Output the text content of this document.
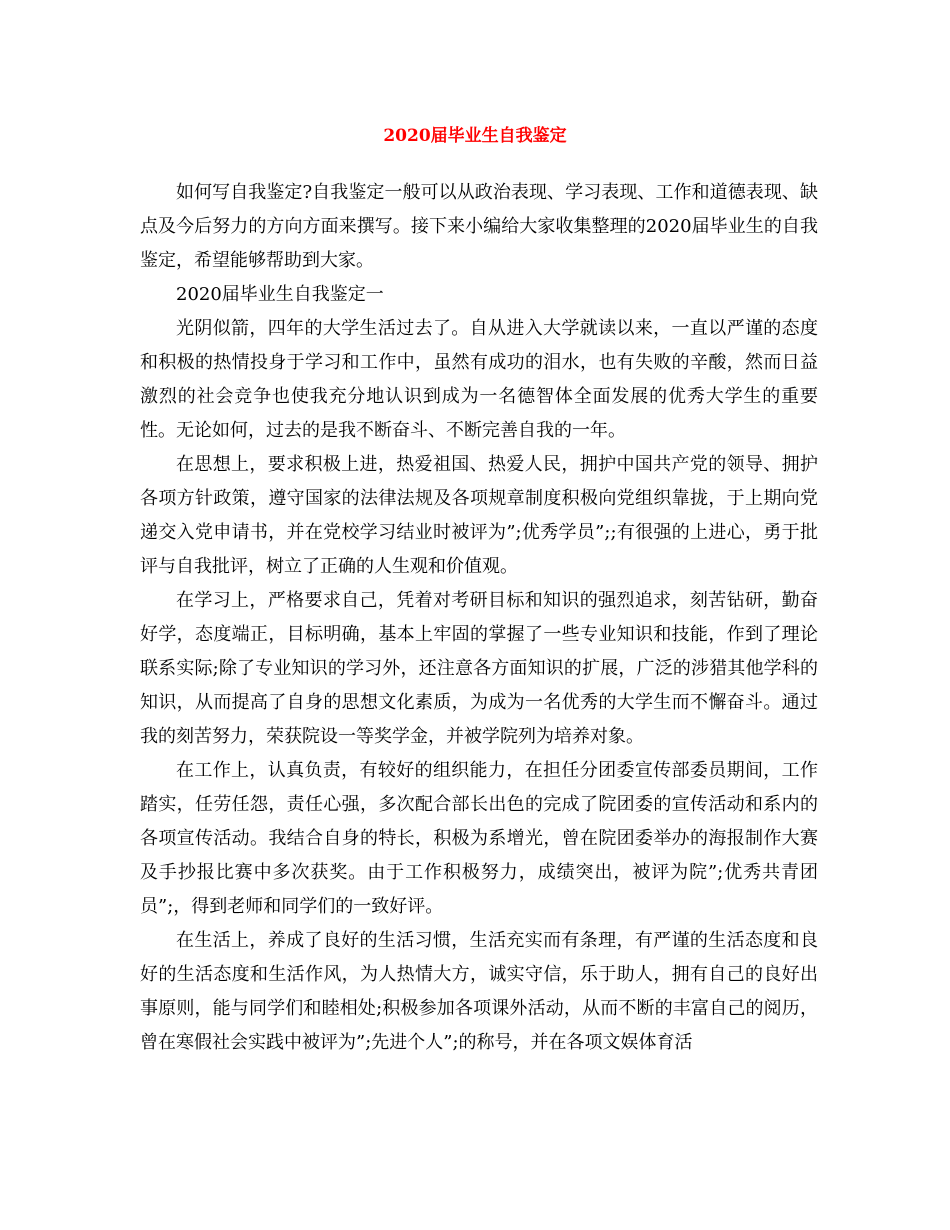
2020届毕业生自我鉴定

如何写自我鉴定?自我鉴定一般可以从政治表现、学习表现、工作和道德表现、缺点及今后努力的方向方面来撰写。接下来小编给大家收集整理的2020届毕业生的自我鉴定，希望能够帮助到大家。

2020届毕业生自我鉴定一

光阴似箭，四年的大学生活过去了。自从进入大学就读以来，一直以严谨的态度和积极的热情投身于学习和工作中，虽然有成功的泪水，也有失败的辛酸，然而日益激烈的社会竞争也使我充分地认识到成为一名德智体全面发展的优秀大学生的重要性。无论如何，过去的是我不断奋斗、不断完善自我的一年。

在思想上，要求积极上进，热爱祖国、热爱人民，拥护中国共产党的领导、拥护 各项方针政策，遵守国家的法律法规及各项规章制度积极向党组织靠拢，于上期向党递交入党申请书，并在党校学习结业时被评为”;优秀学员”;;有很强的上进心，勇于批评与自我批评，树立了正确的人生观和价值观。

在学习上，严格要求自己，凭着对考研目标和知识的强烈追求，刻苦钻研，勤奋好学，态度端正，目标明确，基本上牢固的掌握了一些专业知识和技能，作到了理论联系实际;除了专业知识的学习外，还注意各方面知识的扩展，广泛的涉猎其他学科的知识，从而提高了自身的思想文化素质，为成为一名优秀的大学生而不懈奋斗。通过我的刻苦努力，荣获院设一等奖学金，并被学院列为培养对象。

在工作上，认真负责，有较好的组织能力，在担任分团委宣传部委员期间，工作踏实，任劳任怨，责任心强，多次配合部长出色的完成了院团委的宣传活动和系内的各项宣传活动。我结合自身的特长，积极为系增光，曾在院团委举办的海报制作大赛及手抄报比赛中多次获奖。由于工作积极努力，成绩突出，被评为院”;优秀共青团员”;，得到老师和同学们的一致好评。

在生活上，养成了良好的生活习惯，生活充实而有条理，有严谨的生活态度和良好的生活态度和生活作风，为人热情大方，诚实守信，乐于助人，拥有自己的良好出事原则，能与同学们和睦相处;积极参加各项课外活动，从而不断的丰富自己的阅历，曾在寒假社会实践中被评为”;先进个人”;的称号，并在各项文娱体育活
